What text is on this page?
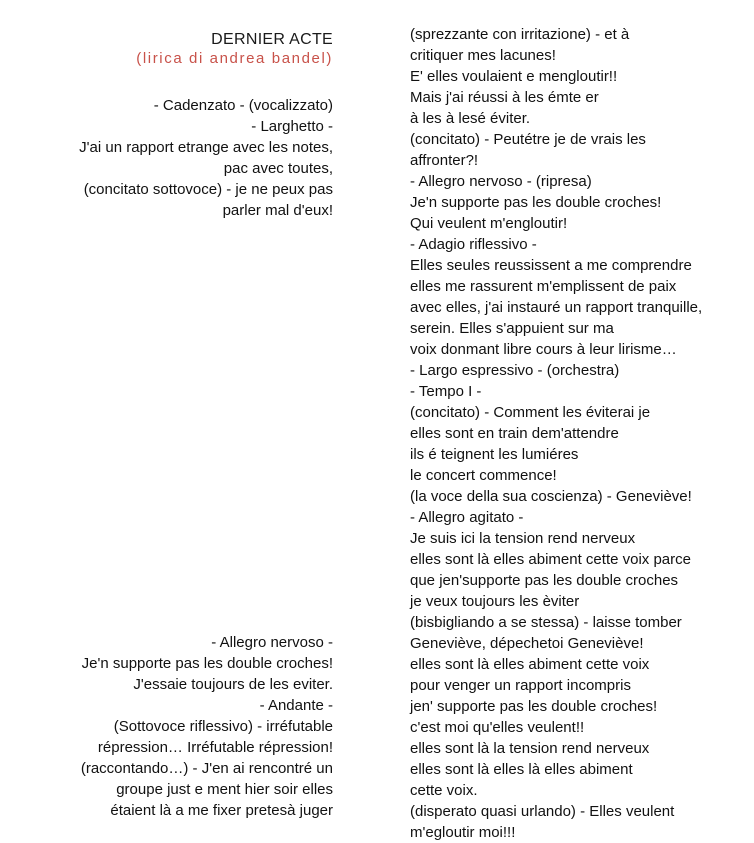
DERNIER ACTE
(lirica di andrea bandel)
- Cadenzato - (vocalizzato)
- Larghetto -
J'ai un rapport etrange avec les notes,
pac avec toutes,
(concitato sottovoce) - je ne peux pas
parler mal d'eux!
- Allegro nervoso -
Je'n supporte pas les double croches!
J'essaie toujours de les eviter.
- Andante -
(Sottovoce riflessivo) - irréfutable
répression… Irréfutable répression!
(raccontando…) - J'en ai rencontré un
groupe just e ment hier soir elles
étaient là a me fixer pretesà juger
(sprezzante con irritazione) - et à
critiquer mes lacunes!
E' elles voulaient e mengloutir!!
Mais j'ai réussi à les émte er
à les à lesé éviter.
(concitato) - Peutétre je de vrais les
affronter?!
- Allegro nervoso - (ripresa)
Je'n supporte pas les double croches!
Qui veulent m'engloutir!
- Adagio riflessivo -
Elles seules reussissent a me comprendre
elles me rassurent m'emplissent de paix
avec elles, j'ai instauré un rapport tranquille,
serein. Elles s'appuient sur ma
voix donmant libre cours à leur lirisme…
- Largo espressivo - (orchestra)
- Tempo I -
(concitato) - Comment les éviterai je
elles sont en train dem'attendre
ils é teignent les lumiéres
le concert commence!
(la voce della sua coscienza) - Geneviève!
- Allegro agitato -
Je suis ici la tension rend nerveux
elles sont là elles abiment cette voix parce
que jen'supporte pas les double croches
je veux toujours les èviter
(bisbigliando a se stessa) - laisse tomber
Geneviève, dépechetoi Geneviève!
elles sont là elles abiment cette voix
pour venger un rapport incompris
jen' supporte pas les double croches!
c'est moi qu'elles veulent!!
elles sont là la tension rend nerveux
elles sont là elles là elles abiment
cette voix.
(disperato quasi urlando) - Elles veulent
m'egloutir moi!!!
